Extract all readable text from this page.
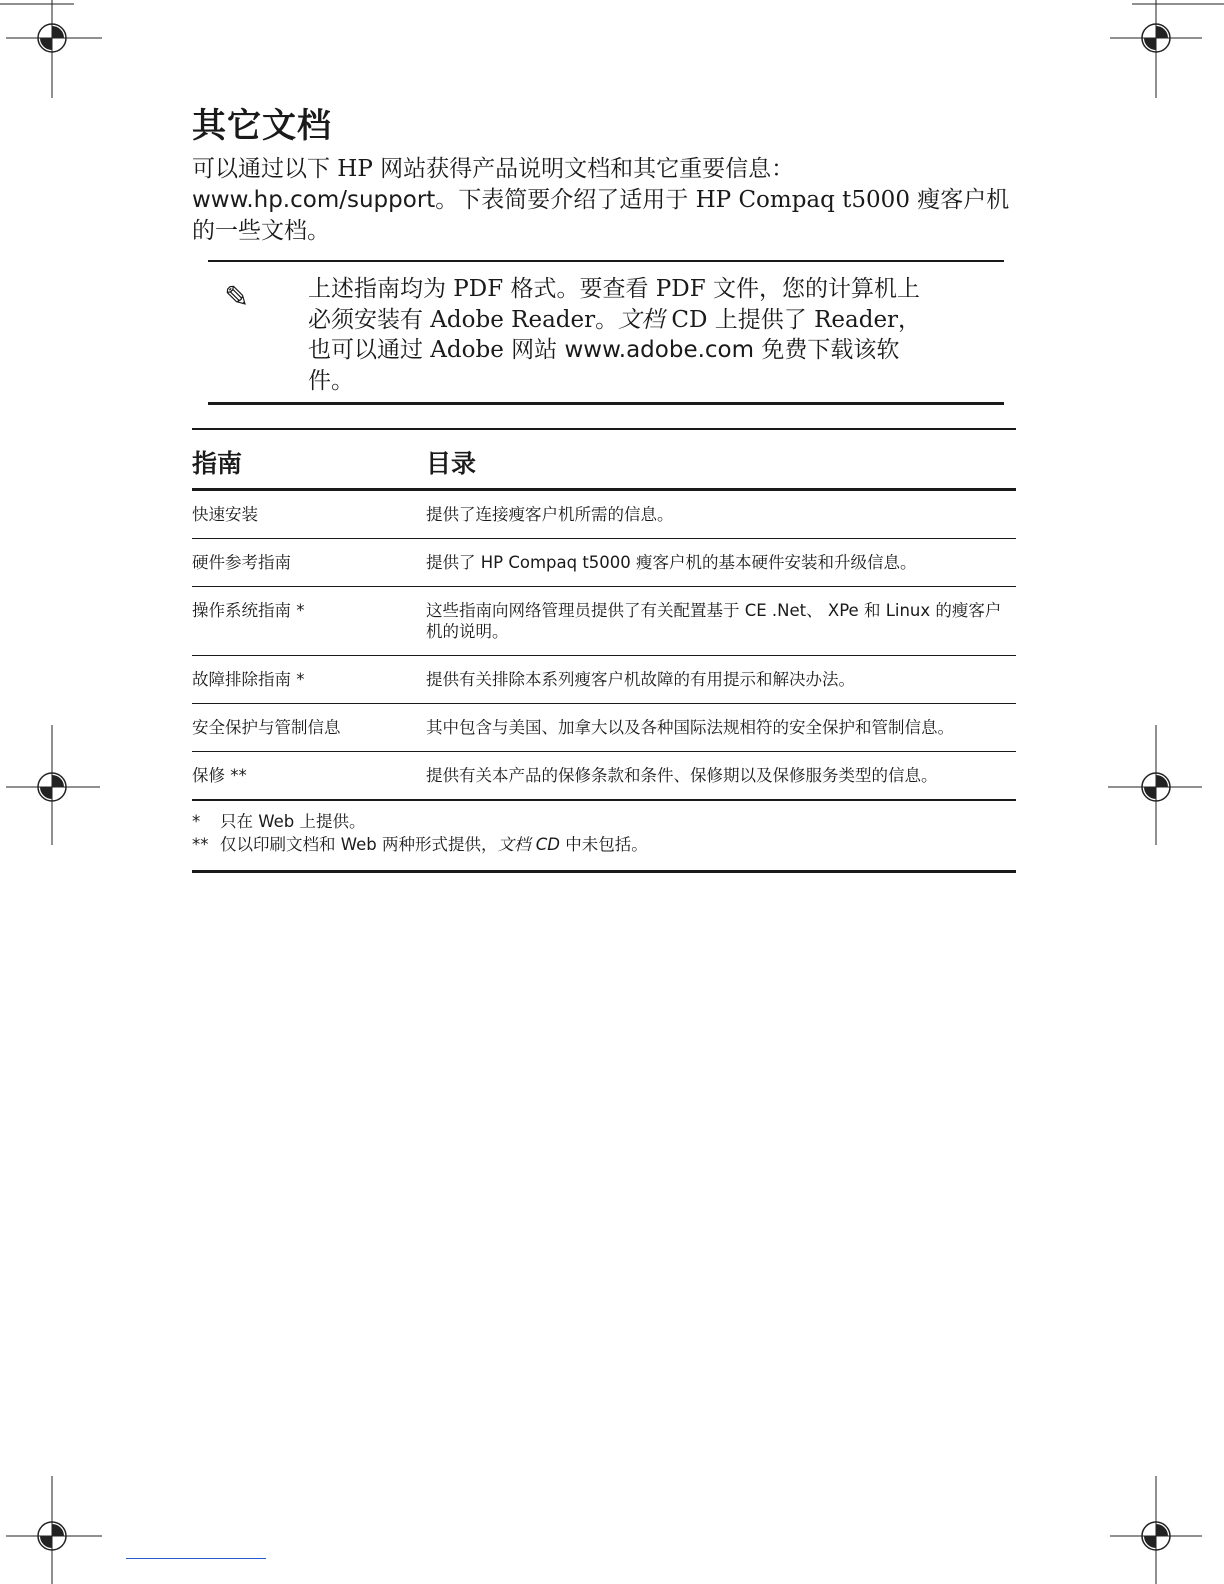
其它文档
可以通过以下 HP 网站获得产品说明文档和其它重要信息：
www.hp.com/support。下表简要介绍了适用于 HP Compaq t5000 瘦客户机的一些文档。
✎	上述指南均为 PDF 格式。要查看 PDF 文件，您的计算机上必须安装有 Adobe Reader。文档 CD 上提供了 Reader，也可以通过 Adobe 网站 www.adobe.com 免费下载该软件。
指南	目录
快速安装	提供了连接瘦客户机所需的信息。
硬件参考指南	提供了 HP Compaq t5000 瘦客户机的基本硬件安装和升级信息。
操作系统指南 *	这些指南向网络管理员提供了有关配置基于 CE .Net、 XPe 和 Linux 的瘦客户机的说明。
故障排除指南 *	提供有关排除本系列瘦客户机故障的有用提示和解决办法。
安全保护与管制信息	其中包含与美国、加拿大以及各种国际法规相符的安全保护和管制信息。
保修 **	提供有关本产品的保修条款和条件、保修期以及保修服务类型的信息。
*	只在 Web 上提供。
** 仅以印刷文档和 Web 两种形式提供，文档 CD 中未包括。
